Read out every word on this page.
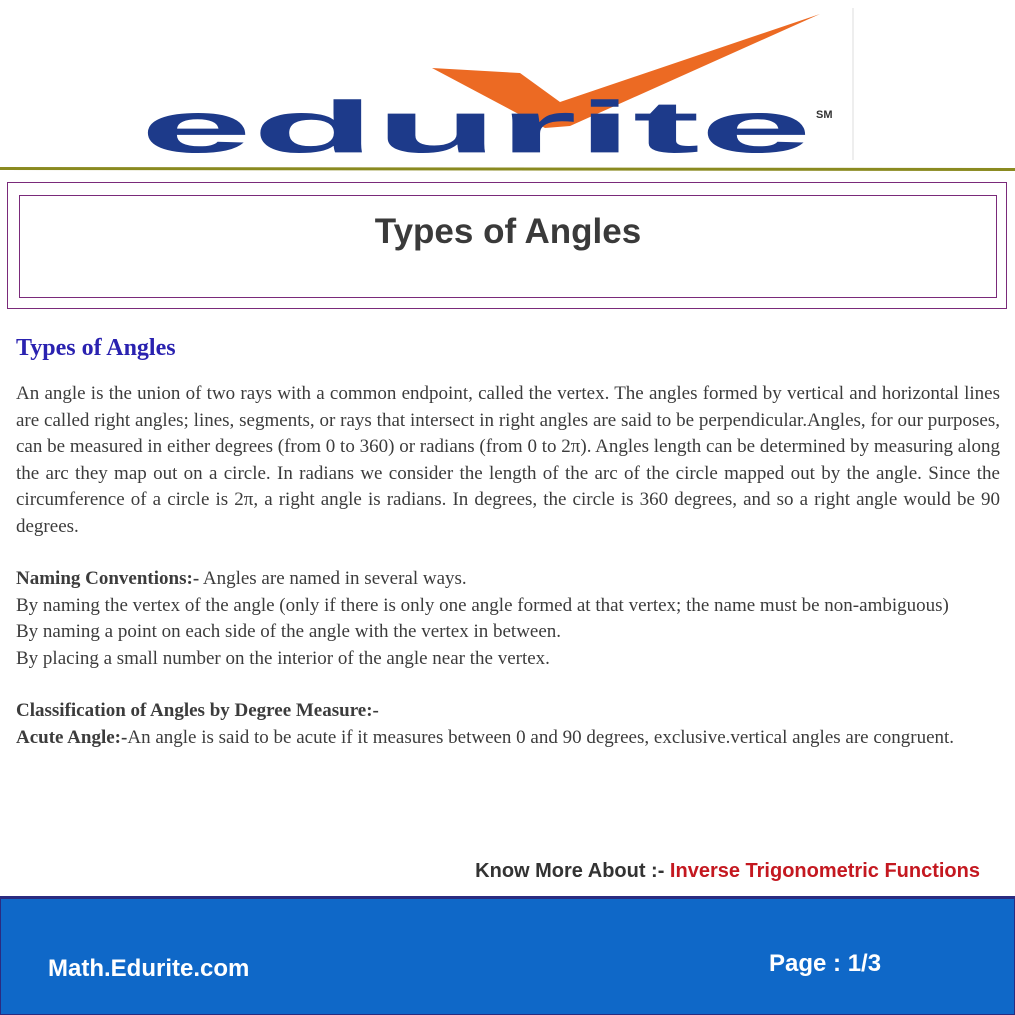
edurite SM
Types of Angles

Types of Angles

An angle is the union of two rays with a common endpoint, called the vertex. The angles formed by vertical and horizontal lines are called right angles; lines, segments, or rays that intersect in right angles are said to be perpendicular.Angles, for our purposes, can be measured in either degrees (from 0 to 360) or radians (from 0 to 2π). Angles length can be determined by measuring along the arc they map out on a circle. In radians we consider the length of the arc of the circle mapped out by the angle. Since the circumference of a circle is 2π, a right angle is radians. In degrees, the circle is 360 degrees, and so a right angle would be 90 degrees.

Naming Conventions:- Angles are named in several ways.

By naming the vertex of the angle (only if there is only one angle formed at that vertex; the name must be non-ambiguous)

By naming a point on each side of the angle with the vertex in between.

By placing a small number on the interior of the angle near the vertex.

Classification of Angles by Degree Measure:-

Acute Angle:-An angle is said to be acute if it measures between 0 and 90 degrees, exclusive.vertical angles are congruent.

Know More About :- Inverse Trigonometric Functions
Math.Edurite.com	Page : 1/3
